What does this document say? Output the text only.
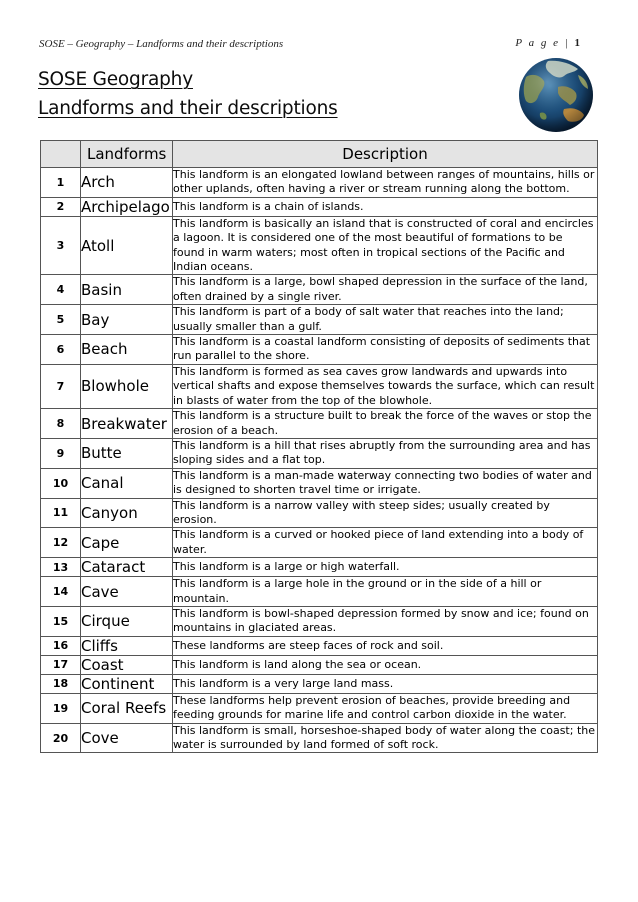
SOSE – Geography – Landforms and their descriptions	P a g e | 1
SOSE Geography
Landforms and their descriptions
	Landforms	Description
1	Arch	This landform is an elongated lowland between ranges of mountains, hills or other uplands, often having a river or stream running along the bottom.
2	Archipelago	This landform is a chain of islands.
3	Atoll	This landform is basically an island that is constructed of coral and encircles a lagoon. It is considered one of the most beautiful of formations to be found in warm waters; most often in tropical sections of the Pacific and Indian oceans.
4	Basin	This landform is a large, bowl shaped depression in the surface of the land, often drained by a single river.
5	Bay	This landform is part of a body of salt water that reaches into the land; usually smaller than a gulf.
6	Beach	This landform is a coastal landform consisting of deposits of sediments that run parallel to the shore.
7	Blowhole	This landform is formed as sea caves grow landwards and upwards into vertical shafts and expose themselves towards the surface, which can result in blasts of water from the top of the blowhole.
8	Breakwater	This landform is a structure built to break the force of the waves or stop the erosion of a beach.
9	Butte	This landform is a hill that rises abruptly from the surrounding area and has sloping sides and a flat top.
10	Canal	This landform is a man-made waterway connecting two bodies of water and is designed to shorten travel time or irrigate.
11	Canyon	This landform is a narrow valley with steep sides; usually created by erosion.
12	Cape	This landform is a curved or hooked piece of land extending into a body of water.
13	Cataract	This landform is a large or high waterfall.
14	Cave	This landform is a large hole in the ground or in the side of a hill or mountain.
15	Cirque	This landform is bowl-shaped depression formed by snow and ice; found on mountains in glaciated areas.
16	Cliffs	These landforms are steep faces of rock and soil.
17	Coast	This landform is land along the sea or ocean.
18	Continent	This landform is a very large land mass.
19	Coral Reefs	These landforms help prevent erosion of beaches, provide breeding and feeding grounds for marine life and control carbon dioxide in the water.
20	Cove	This landform is small, horseshoe-shaped body of water along the coast; the water is surrounded by land formed of soft rock.
